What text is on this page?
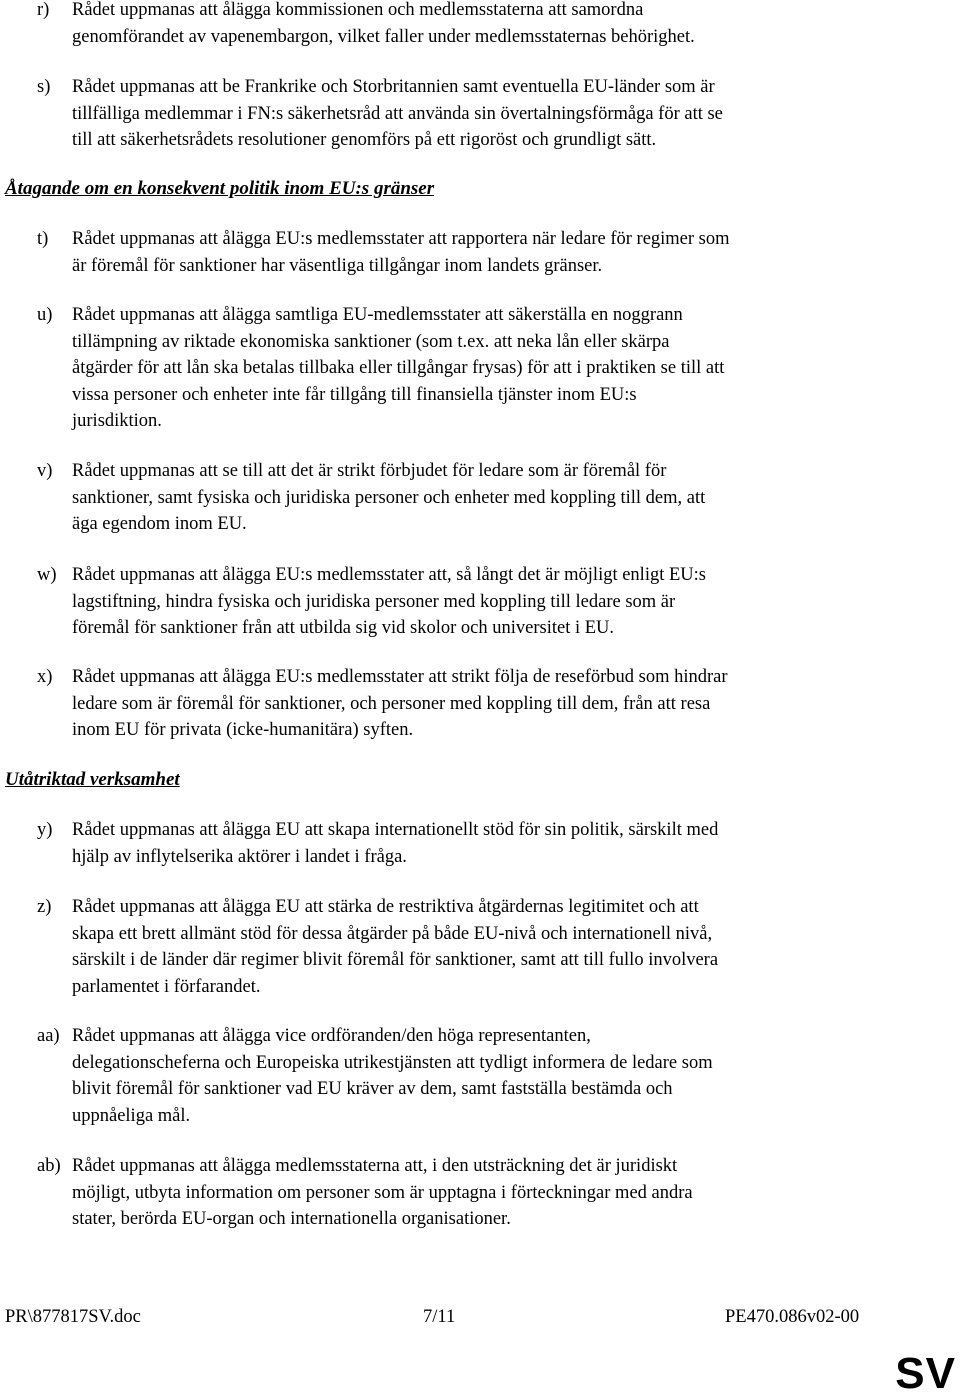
r) Rådet uppmanas att ålägga kommissionen och medlemsstaterna att samordna
genomförandet av vapenembargon, vilket faller under medlemsstaternas behörighet.
s) Rådet uppmanas att be Frankrike och Storbritannien samt eventuella EU-länder som är
tillfälliga medlemmar i FN:s säkerhetsråd att använda sin övertalningsförmåga för att se
till att säkerhetsrådets resolutioner genomförs på ett rigoröst och grundligt sätt.
Åtagande om en konsekvent politik inom EU:s gränser
t) Rådet uppmanas att ålägga EU:s medlemsstater att rapportera när ledare för regimer som
är föremål för sanktioner har väsentliga tillgångar inom landets gränser.
u) Rådet uppmanas att ålägga samtliga EU-medlemsstater att säkerställa en noggrann
tillämpning av riktade ekonomiska sanktioner (som t.ex. att neka lån eller skärpa
åtgärder för att lån ska betalas tillbaka eller tillgångar frysas) för att i praktiken se till att
vissa personer och enheter inte får tillgång till finansiella tjänster inom EU:s
jurisdiktion.
v) Rådet uppmanas att se till att det är strikt förbjudet för ledare som är föremål för
sanktioner, samt fysiska och juridiska personer och enheter med koppling till dem, att
äga egendom inom EU.
w) Rådet uppmanas att ålägga EU:s medlemsstater att, så långt det är möjligt enligt EU:s
lagstiftning, hindra fysiska och juridiska personer med koppling till ledare som är
föremål för sanktioner från att utbilda sig vid skolor och universitet i EU.
x) Rådet uppmanas att ålägga EU:s medlemsstater att strikt följa de reseförbud som hindrar
ledare som är föremål för sanktioner, och personer med koppling till dem, från att resa
inom EU för privata (icke-humanitära) syften.
Utåtriktad verksamhet
y) Rådet uppmanas att ålägga EU att skapa internationellt stöd för sin politik, särskilt med
hjälp av inflytelserika aktörer i landet i fråga.
z) Rådet uppmanas att ålägga EU att stärka de restriktiva åtgärdernas legitimitet och att
skapa ett brett allmänt stöd för dessa åtgärder på både EU-nivå och internationell nivå,
särskilt i de länder där regimer blivit föremål för sanktioner, samt att till fullo involvera
parlamentet i förfarandet.
aa) Rådet uppmanas att ålägga vice ordföranden/den höga representanten,
delegationscheferna och Europeiska utrikestjänsten att tydligt informera de ledare som
blivit föremål för sanktioner vad EU kräver av dem, samt fastställa bestämda och
uppnåeliga mål.
ab) Rådet uppmanas att ålägga medlemsstaterna att, i den utsträckning det är juridiskt
möjligt, utbyta information om personer som är upptagna i förteckningar med andra
stater, berörda EU-organ och internationella organisationer.
PR\877817SV.doc	7/11	PE470.086v02-00
SV
